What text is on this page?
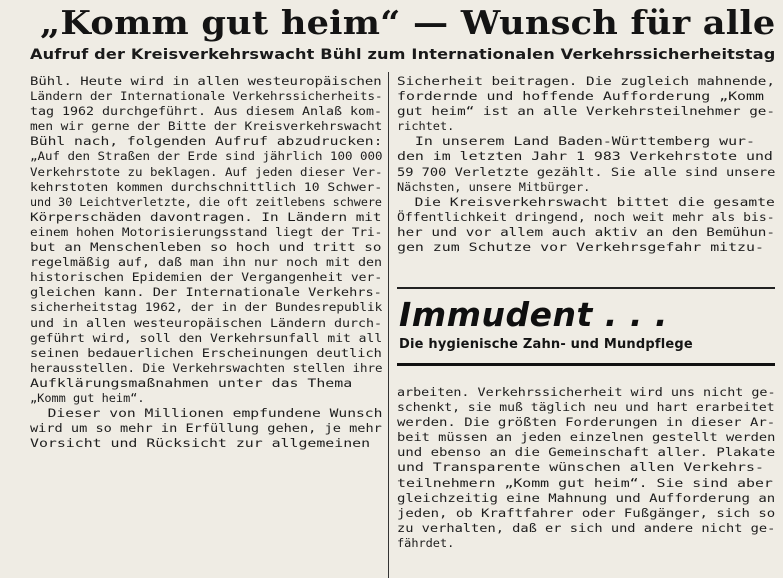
„Komm gut heim“ — Wunsch für alle
Aufruf der Kreisverkehrswacht Bühl zum Internationalen Verkehrssicherheitstag
Bühl. Heute wird in allen westeuropäischen
Ländern der Internationale Verkehrssicherheits-
tag 1962 durchgeführt. Aus diesem Anlaß kom-
men wir gerne der Bitte der Kreisverkehrswacht
Bühl nach, folgenden Aufruf abzudrucken:
„Auf den Straßen der Erde sind jährlich 100 000
Verkehrstote zu beklagen. Auf jeden dieser Ver-
kehrstoten kommen durchschnittlich 10 Schwer-
und 30 Leichtverletzte, die oft zeitlebens schwere
Körperschäden davontragen. In Ländern mit
einem hohen Motorisierungsstand liegt der Tri-
but an Menschenleben so hoch und tritt so
regelmäßig auf, daß man ihn nur noch mit den
historischen Epidemien der Vergangenheit ver-
gleichen kann. Der Internationale Verkehrs-
sicherheitstag 1962, der in der Bundesrepublik
und in allen westeuropäischen Ländern durch-
geführt wird, soll den Verkehrsunfall mit all
seinen bedauerlichen Erscheinungen deutlich
herausstellen. Die Verkehrswachten stellen ihre
Aufklärungsmaßnahmen unter das Thema
„Komm gut heim“.
Dieser von Millionen empfundene Wunsch
wird um so mehr in Erfüllung gehen, je mehr
Vorsicht und Rücksicht zur allgemeinen
Sicherheit beitragen. Die zugleich mahnende,
fordernde und hoffende Aufforderung „Komm
gut heim“ ist an alle Verkehrsteilnehmer ge-
richtet.
In unserem Land Baden-Württemberg wur-
den im letzten Jahr 1 983 Verkehrstote und
59 700 Verletzte gezählt. Sie alle sind unsere
Nächsten, unsere Mitbürger.
Die Kreisverkehrswacht bittet die gesamte
Öffentlichkeit dringend, noch weit mehr als bis-
her und vor allem auch aktiv an den Bemühun-
gen zum Schutze vor Verkehrsgefahr mitzu-
Immudent . . .
Die hygienische Zahn- und Mundpflege
arbeiten. Verkehrssicherheit wird uns nicht ge-
schenkt, sie muß täglich neu und hart erarbeitet
werden. Die größten Forderungen in dieser Ar-
beit müssen an jeden einzelnen gestellt werden
und ebenso an die Gemeinschaft aller. Plakate
und Transparente wünschen allen Verkehrs-
teilnehmern „Komm gut heim“. Sie sind aber
gleichzeitig eine Mahnung und Aufforderung an
jeden, ob Kraftfahrer oder Fußgänger, sich so
zu verhalten, daß er sich und andere nicht ge-
fährdet.
